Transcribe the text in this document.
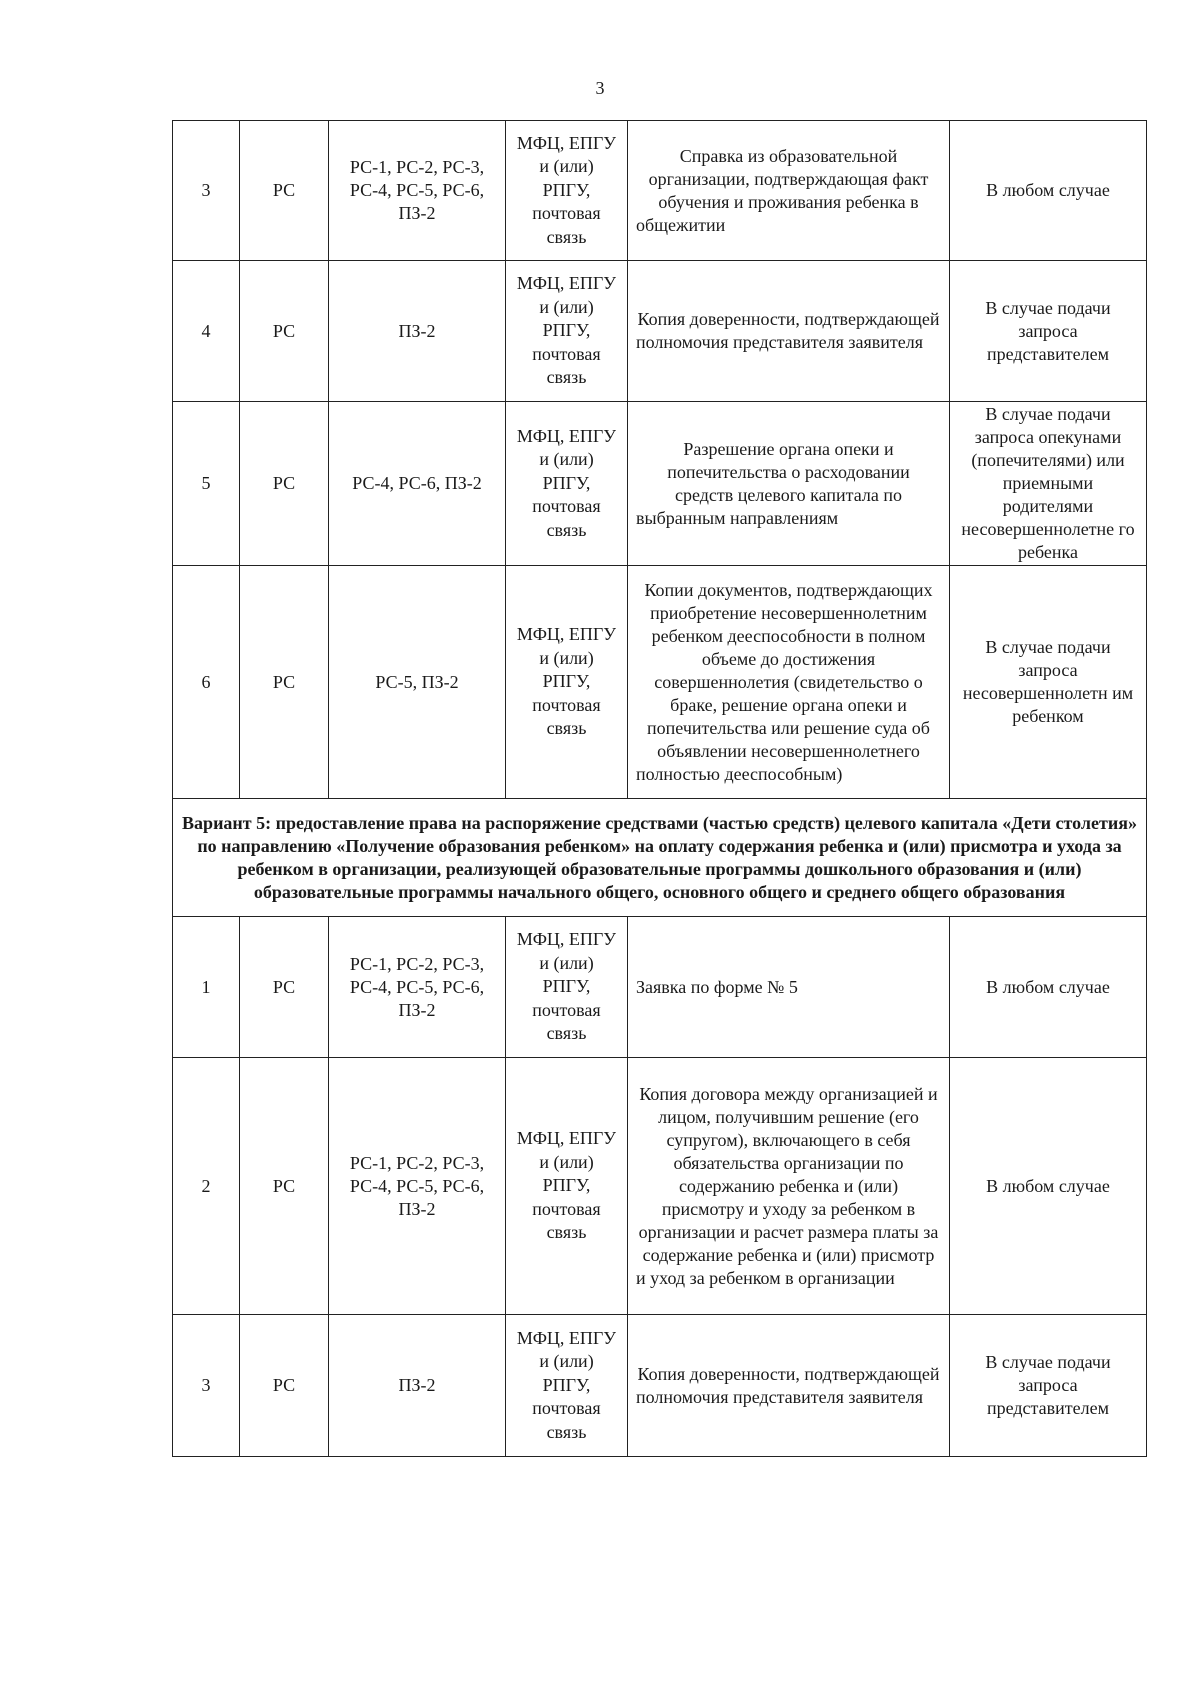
3
3	РС	РС-1, РС-2, РС-3, РС-4, РС-5, РС-6, ПЗ-2	МФЦ, ЕПГУ и (или) РПГУ, почтовая связь	Справка из образовательной организации, подтверждающая факт обучения и проживания ребенка в общежитии	В любом случае
4	РС	ПЗ-2	МФЦ, ЕПГУ и (или) РПГУ, почтовая связь	Копия доверенности, подтверждающей полномочия представителя заявителя	В случае подачи запроса представителем
5	РС	РС-4, РС-6, ПЗ-2	МФЦ, ЕПГУ и (или) РПГУ, почтовая связь	Разрешение органа опеки и попечительства о расходовании средств целевого капитала по выбранным направлениям	В случае подачи запроса опекунами (попечителями) или приемными родителями несовершеннолетне го ребенка
6	РС	РС-5, ПЗ-2	МФЦ, ЕПГУ и (или) РПГУ, почтовая связь	Копии документов, подтверждающих приобретение несовершеннолетним ребенком дееспособности в полном объеме до достижения совершеннолетия (свидетельство о браке, решение органа опеки и попечительства или решение суда об объявлении несовершеннолетнего полностью дееспособным)	В случае подачи запроса несовершеннолетн им ребенком
Вариант 5: предоставление права на распоряжение средствами (частью средств) целевого капитала «Дети столетия» по направлению «Получение образования ребенком» на оплату содержания ребенка и (или) присмотра и ухода за ребенком в организации, реализующей образовательные программы дошкольного образования и (или) образовательные программы начального общего, основного общего и среднего общего образования					
1	РС	РС-1, РС-2, РС-3, РС-4, РС-5, РС-6, ПЗ-2	МФЦ, ЕПГУ и (или) РПГУ, почтовая связь	Заявка по форме № 5	В любом случае
2	РС	РС-1, РС-2, РС-3, РС-4, РС-5, РС-6, ПЗ-2	МФЦ, ЕПГУ и (или) РПГУ, почтовая связь	Копия договора между организацией и лицом, получившим решение (его супругом), включающего в себя обязательства организации по содержанию ребенка и (или) присмотру и уходу за ребенком в организации и расчет размера платы за содержание ребенка и (или) присмотр и уход за ребенком в организации	В любом случае
3	РС	ПЗ-2	МФЦ, ЕПГУ и (или) РПГУ, почтовая связь	Копия доверенности, подтверждающей полномочия представителя заявителя	В случае подачи запроса представителем
